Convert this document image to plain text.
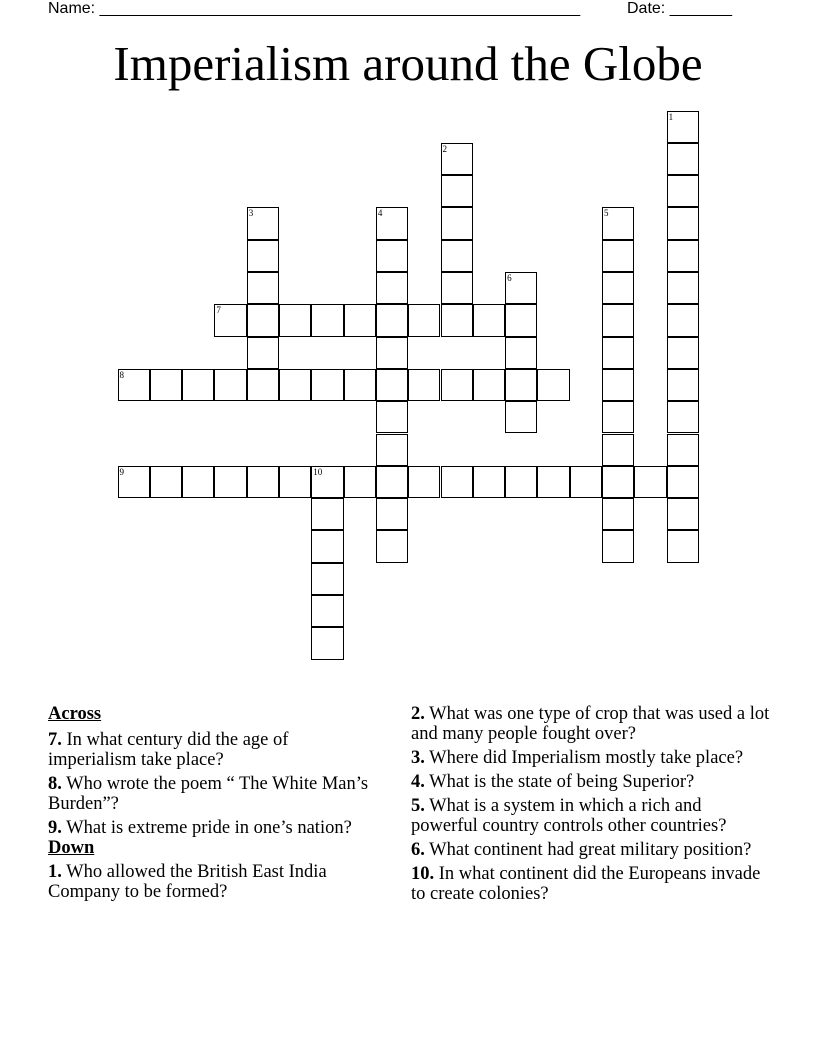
Name: ______________________________________________________	Date: _______
Imperialism around the Globe
1
2
3	4	5
6
7
8
9	10
Across
7. In what century did the age of imperialism take place?
8. Who wrote the poem “ The White Man’s Burden”?
9. What is extreme pride in one’s nation?
Down
1. Who allowed the British East India Company to be formed?
2. What was one type of crop that was used a lot and many people fought over?
3. Where did Imperialism mostly take place?
4. What is the state of being Superior?
5. What is a system in which a rich and powerful country controls other countries?
6. What continent had great military position?
10. In what continent did the Europeans invade to create colonies?
